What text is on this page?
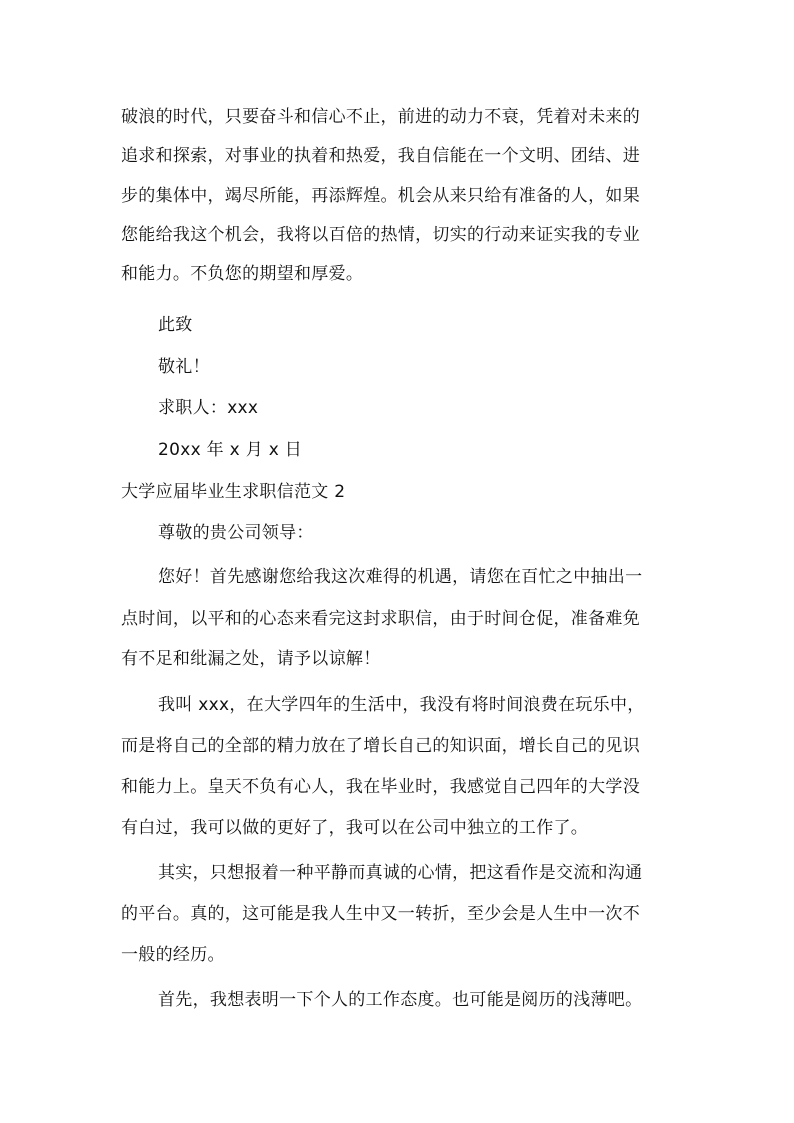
破浪的时代，只要奋斗和信心不止，前进的动力不衰，凭着对未来的
追求和探索，对事业的执着和热爱，我自信能在一个文明、团结、进
步的集体中，竭尽所能，再添辉煌。机会从来只给有准备的人，如果
您能给我这个机会，我将以百倍的热情，切实的行动来证实我的专业
和能力。不负您的期望和厚爱。
此致
敬礼！
求职人：xxx
20xx 年 x 月 x 日
大学应届毕业生求职信范文 2
尊敬的贵公司领导：
您好！首先感谢您给我这次难得的机遇，请您在百忙之中抽出一
点时间，以平和的心态来看完这封求职信，由于时间仓促，准备难免
有不足和纰漏之处，请予以谅解！
我叫 xxx，在大学四年的生活中，我没有将时间浪费在玩乐中，
而是将自己的全部的精力放在了增长自己的知识面，增长自己的见识
和能力上。皇天不负有心人，我在毕业时，我感觉自己四年的大学没
有白过，我可以做的更好了，我可以在公司中独立的工作了。
其实，只想报着一种平静而真诚的心情，把这看作是交流和沟通
的平台。真的，这可能是我人生中又一转折，至少会是人生中一次不
一般的经历。
首先，我想表明一下个人的工作态度。也可能是阅历的浅薄吧。
